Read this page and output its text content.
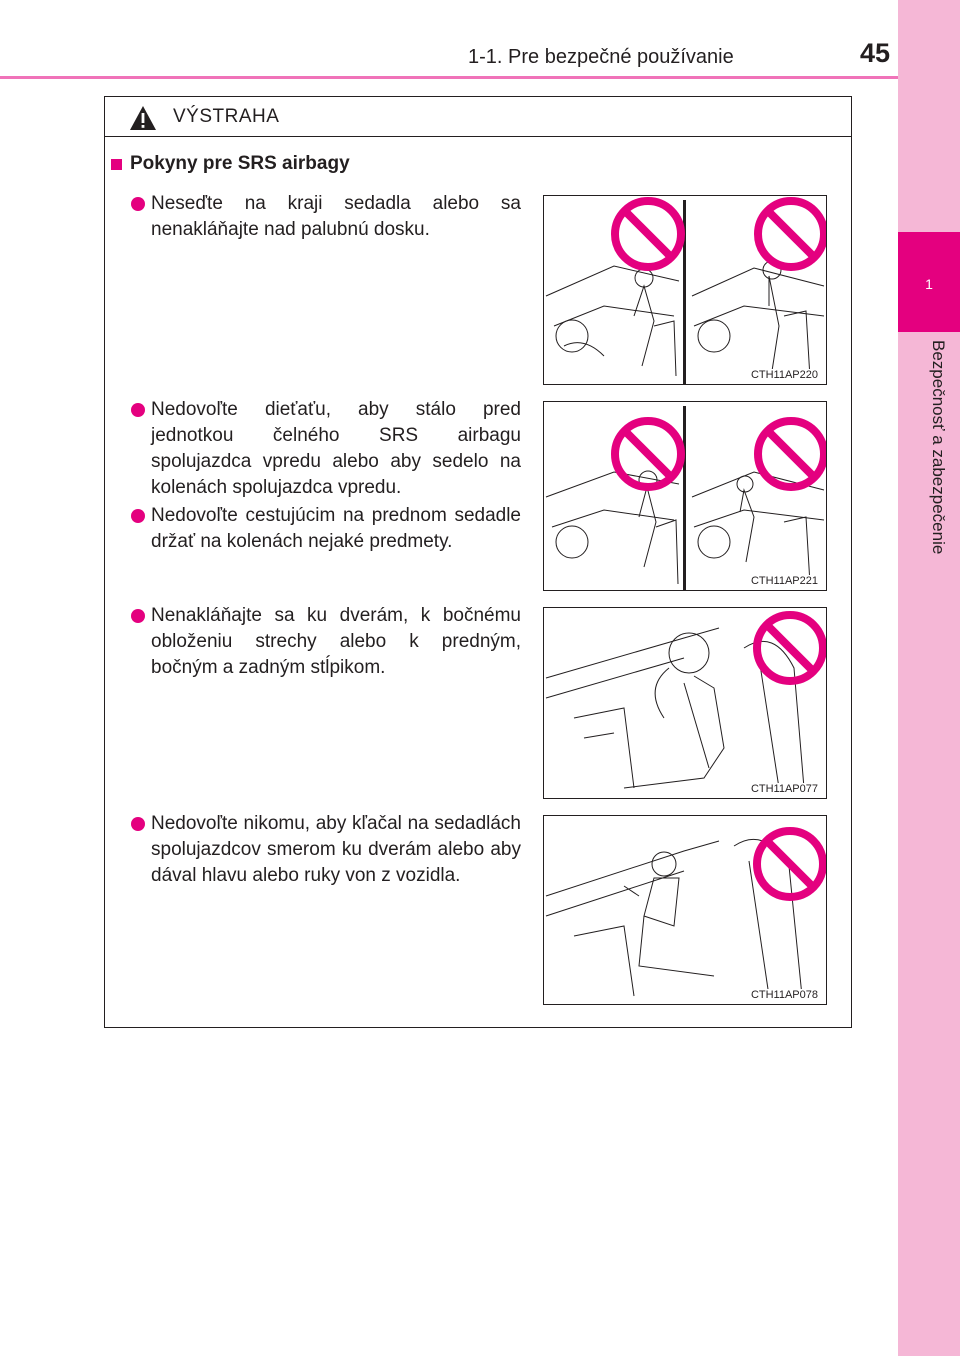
1-1. Pre bezpečné používanie	45
1
Bezpečnosť a zabezpečenie
VÝSTRAHA
Pokyny pre SRS airbagy
Neseďte na kraji sedadla alebo sa nenakláňajte nad palubnú dosku.
Nedovoľte dieťaťu, aby stálo pred jednotkou čelného SRS airbagu spolujazdca vpredu alebo aby sedelo na kolenách spolujazdca vpredu.
Nedovoľte cestujúcim na prednom sedadle držať na kolenách nejaké predmety.
Nenakláňajte sa ku dverám, k bočnému obloženiu strechy alebo k predným, bočným a zadným stĺpikom.
Nedovoľte nikomu, aby kľačal na sedadlách spolujazdcov smerom ku dverám alebo aby dával hlavu alebo ruky von z vozidla.
CTH11AP220
CTH11AP221
CTH11AP077
CTH11AP078
